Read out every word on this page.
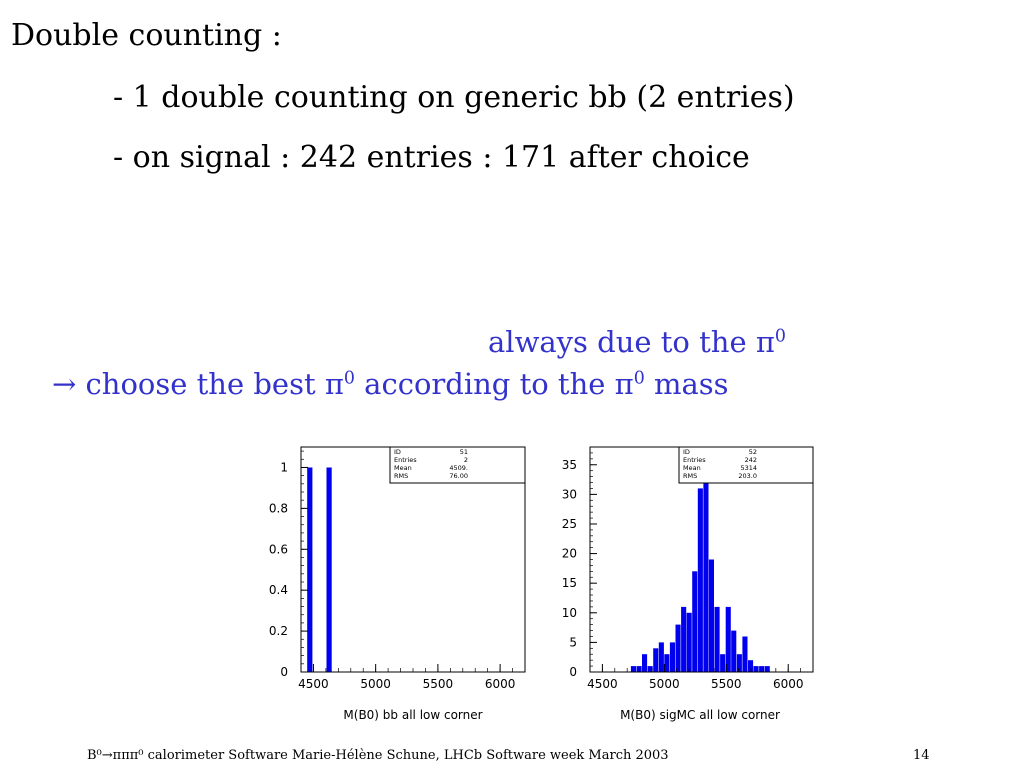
Double counting :
- 1 double counting on generic bb (2 entries)
- on signal : 242 entries : 171 after choice
always due to the $\pi^0$
→ choose the best $\pi^0$ according to the $\pi^0$ mass
0
0.2
0.4
0.6
0.8
1
4500	5000	5500	6000
ID	51
Entries	2
Mean	4509.
RMS	76.00
M(B0) bb all low corner
0
5
10
15
20
25
30
35
4500	5000	5500	6000
ID	52
Entries	242
Mean	5314
RMS	203.0
M(B0) sigMC all low corner
B⁰→πππ⁰ calorimeter Software Marie-Hélène Schune, LHCb Software week March 2003	14
